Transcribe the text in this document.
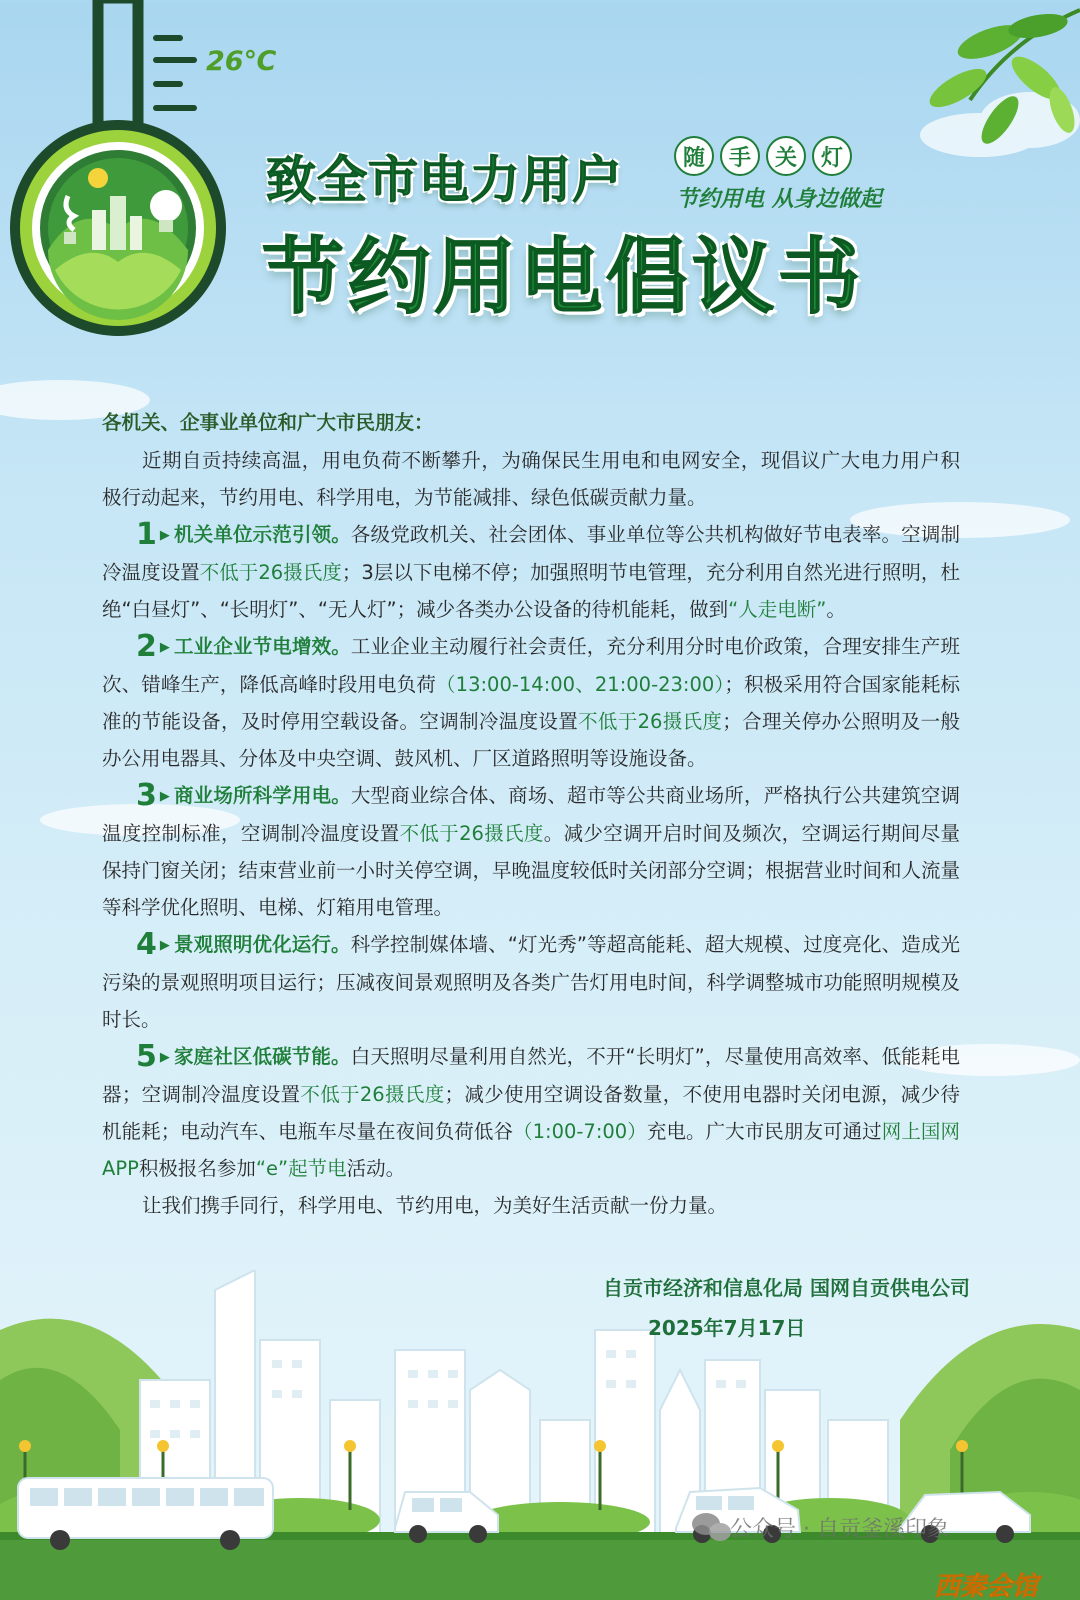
26℃
致全市电力用户
节约用电倡议书
随	手	关	灯
节约用电 从身边做起
各机关、企事业单位和广大市民朋友：

近期自贡持续高温，用电负荷不断攀升，为确保民生用电和电网安全，现倡议广大电力用户积极行动起来，节约用电、科学用电，为节能减排、绿色低碳贡献力量。

1 ▶ 机关单位示范引领。各级党政机关、社会团体、事业单位等公共机构做好节电表率。空调制冷温度设置不低于26摄氏度；3层以下电梯不停；加强照明节电管理，充分利用自然光进行照明，杜绝“白昼灯”、“长明灯”、“无人灯”；减少各类办公设备的待机能耗，做到“人走电断”。

2 ▶ 工业企业节电增效。工业企业主动履行社会责任，充分利用分时电价政策，合理安排生产班次、错峰生产，降低高峰时段用电负荷（13:00-14:00、21:00-23:00）；积极采用符合国家能耗标准的节能设备，及时停用空载设备。空调制冷温度设置不低于26摄氏度；合理关停办公照明及一般办公用电器具、分体及中央空调、鼓风机、厂区道路照明等设施设备。

3 ▶ 商业场所科学用电。大型商业综合体、商场、超市等公共商业场所，严格执行公共建筑空调温度控制标准，空调制冷温度设置不低于26摄氏度。减少空调开启时间及频次，空调运行期间尽量保持门窗关闭；结束营业前一小时关停空调，早晚温度较低时关闭部分空调；根据营业时间和人流量等科学优化照明、电梯、灯箱用电管理。

4 ▶ 景观照明优化运行。科学控制媒体墙、“灯光秀”等超高能耗、超大规模、过度亮化、造成光污染的景观照明项目运行；压减夜间景观照明及各类广告灯用电时间，科学调整城市功能照明规模及时长。

5 ▶ 家庭社区低碳节能。白天照明尽量利用自然光，不开“长明灯”，尽量使用高效率、低能耗电器；空调制冷温度设置不低于26摄氏度；减少使用空调设备数量，不使用电器时关闭电源，减少待机能耗；电动汽车、电瓶车尽量在夜间负荷低谷（1:00-7:00）充电。广大市民朋友可通过网上国网APP积极报名参加“e”起节电活动。

让我们携手同行，科学用电、节约用电，为美好生活贡献一份力量。

自贡市经济和信息化局 国网自贡供电公司
2025年7月17日
公众号 · 自贡釜溪印象
西秦会馆
